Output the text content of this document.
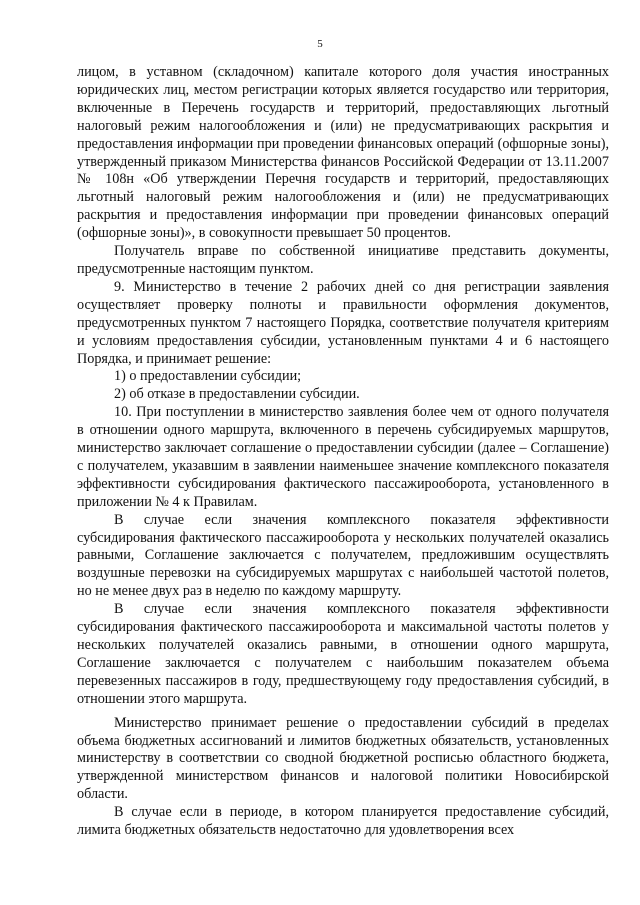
5

лицом, в уставном (складочном) капитале которого доля участия иностранных юридических лиц, местом регистрации которых является государство или территория, включенные в Перечень государств и территорий, предоставляющих льготный налоговый режим налогообложения и (или) не предусматривающих раскрытия и предоставления информации при проведении финансовых операций (офшорные зоны), утвержденный приказом Министерства финансов Российской Федерации от 13.11.2007 № 108н «Об утверждении Перечня государств и территорий, предоставляющих льготный налоговый режим налогообложения и (или) не предусматривающих раскрытия и предоставления информации при проведении финансовых операций (офшорные зоны)», в совокупности превышает 50 процентов.

Получатель вправе по собственной инициативе представить документы, предусмотренные настоящим пунктом.

9. Министерство в течение 2 рабочих дней со дня регистрации заявления осуществляет проверку полноты и правильности оформления документов, предусмотренных пунктом 7 настоящего Порядка, соответствие получателя критериям и условиям предоставления субсидии, установленным пунктами 4 и 6 настоящего Порядка, и принимает решение:

1) о предоставлении субсидии;

2) об отказе в предоставлении субсидии.

10. При поступлении в министерство заявления более чем от одного получателя в отношении одного маршрута, включенного в перечень субсидируемых маршрутов, министерство заключает соглашение о предоставлении субсидии (далее – Соглашение) с получателем, указавшим в заявлении наименьшее значение комплексного показателя эффективности субсидирования фактического пассажирооборота, установленного в приложении № 4 к Правилам.

В случае если значения комплексного показателя эффективности субсидирования фактического пассажирооборота у нескольких получателей оказались равными, Соглашение заключается с получателем, предложившим осуществлять воздушные перевозки на субсидируемых маршрутах с наибольшей частотой полетов, но не менее двух раз в неделю по каждому маршруту.

В случае если значения комплексного показателя эффективности субсидирования фактического пассажирооборота и максимальной частоты полетов у нескольких получателей оказались равными, в отношении одного маршрута, Соглашение заключается с получателем с наибольшим показателем объема перевезенных пассажиров в году, предшествующему году предоставления субсидий, в отношении этого маршрута.

Министерство принимает решение о предоставлении субсидий в пределах объема бюджетных ассигнований и лимитов бюджетных обязательств, установленных министерству в соответствии со сводной бюджетной росписью областного бюджета, утвержденной министерством финансов и налоговой политики Новосибирской области.

В случае если в периоде, в котором планируется предоставление субсидий, лимита бюджетных обязательств недостаточно для удовлетворения всех
